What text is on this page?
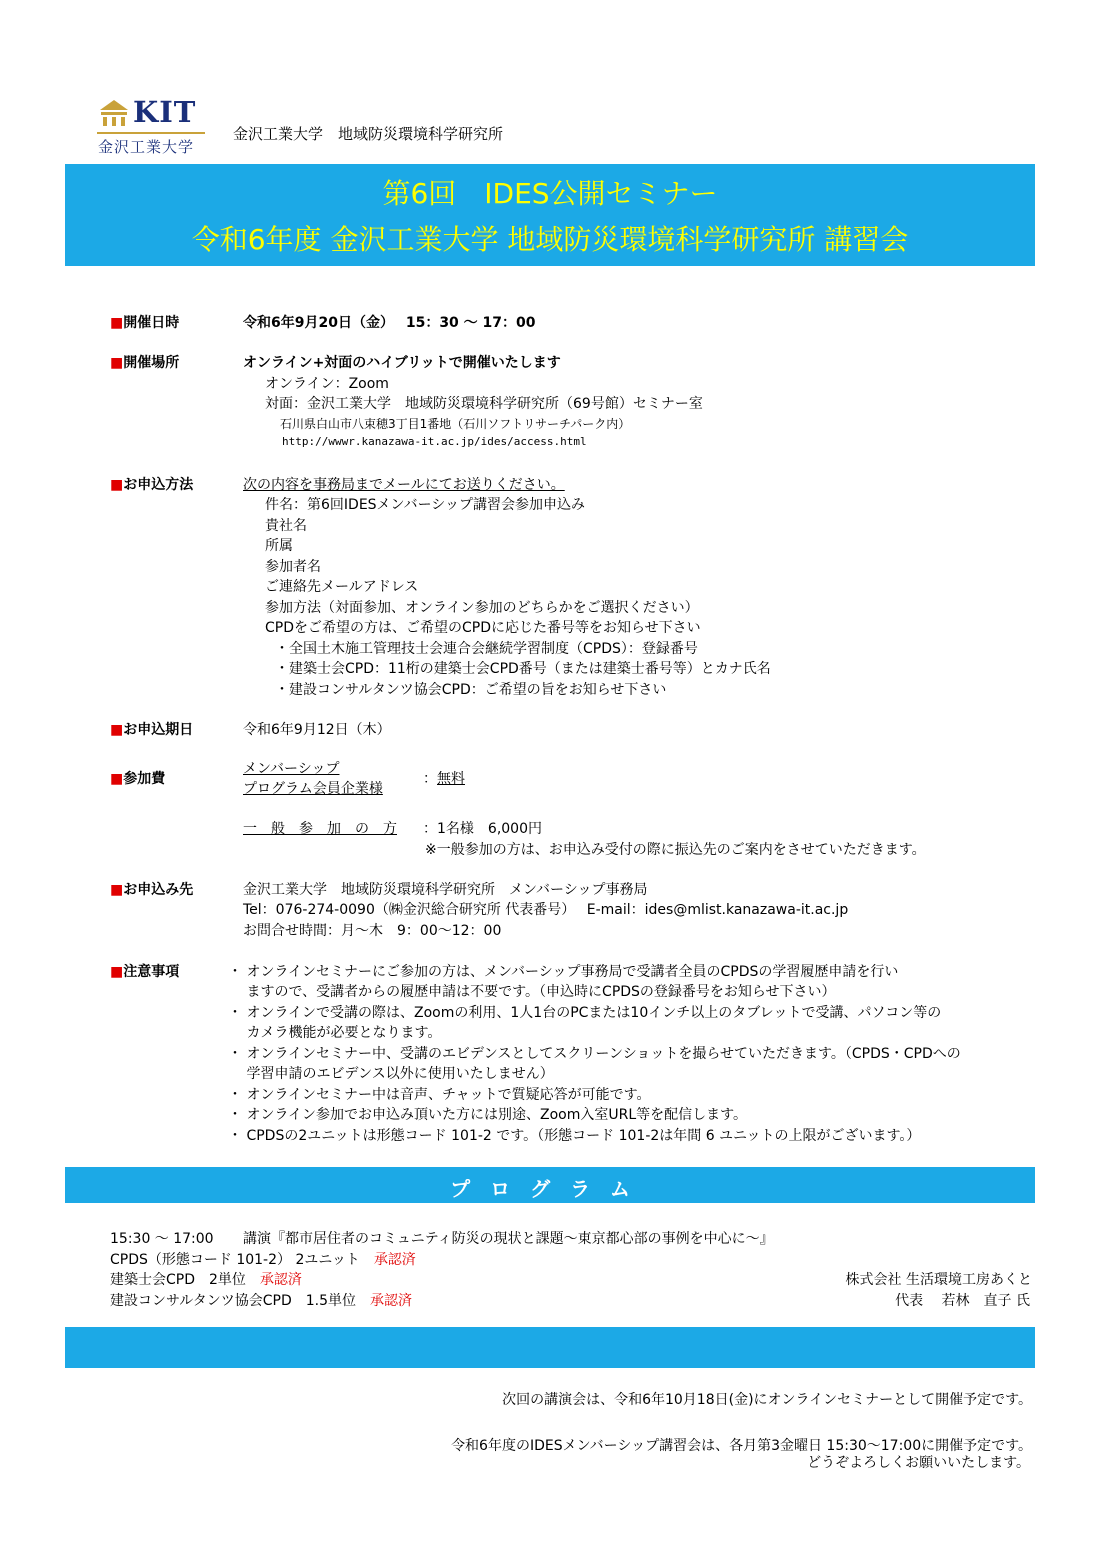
KIT
金沢工業大学
金沢工業大学　地域防災環境科学研究所
第6回　IDES公開セミナー
令和6年度 金沢工業大学 地域防災環境科学研究所 講習会
■開催日時	令和6年9月20日（金）　 15：30 ～ 17：00
■開催場所	オンライン+対面のハイブリットで開催いたします
オンライン：Zoom
対面：金沢工業大学　地域防災環境科学研究所（69号館）セミナー室
石川県白山市八束穂3丁目1番地（石川ソフトリサーチパーク内）
http://wwwr.kanazawa-it.ac.jp/ides/access.html
■お申込方法	次の内容を事務局までメールにてお送りください。
件名：第6回IDESメンバーシップ講習会参加申込み
貴社名
所属
参加者名
ご連絡先メールアドレス
参加方法（対面参加、オンライン参加のどちらかをご選択ください）
CPDをご希望の方は、ご希望のCPDに応じた番号等をお知らせ下さい
・全国土木施工管理技士会連合会継続学習制度（CPDS）：登録番号
・建築士会CPD：11桁の建築士会CPD番号（または建築士番号等）とカナ氏名
・建設コンサルタンツ協会CPD：ご希望の旨をお知らせ下さい
■お申込期日	令和6年9月12日（木）
■参加費
メンバーシップ
プログラム会員企業様
：無料
一　般　参　加　の　方 ：1名様　6,000円
※一般参加の方は、お申込み受付の際に振込先のご案内をさせていただきます。
■お申込み先	金沢工業大学　地域防災環境科学研究所　メンバーシップ事務局
Tel：076-274-0090（㈱金沢総合研究所 代表番号）　 E-mail：ides@mlist.kanazawa-it.ac.jp
お問合せ時間：月～木　9：00～12：00
■注意事項	・ オンラインセミナーにご参加の方は、メンバーシップ事務局で受講者全員のCPDSの学習履歴申請を行い
　 ますので、受講者からの履歴申請は不要です。（申込時にCPDSの登録番号をお知らせ下さい）
・ オンラインで受講の際は、Zoomの利用、1人1台のPCまたは10インチ以上のタブレットで受講、パソコン等の
　 カメラ機能が必要となります。
・ オンラインセミナー中、受講のエビデンスとしてスクリーンショットを撮らせていただきます。（CPDS・CPDへの
　 学習申請のエビデンス以外に使用いたしません）
・ オンラインセミナー中は音声、チャットで質疑応答が可能です。
・ オンライン参加でお申込み頂いた方には別途、Zoom入室URL等を配信します。
・ CPDSの2ユニットは形態コード 101-2 です。（形態コード 101-2は年間 6 ユニットの上限がございます。）
プログラム
15:30 ～ 17:00 講演『都市居住者のコミュニティ防災の現状と課題～東京都心部の事例を中心に～』
CPDS（形態コード 101-2） 2ユニット　 承認済
建築士会CPD　2単位　 承認済
建設コンサルタンツ協会CPD　1.5単位　 承認済
株式会社 生活環境工房あくと
代表　 若林　直子 氏
次回の講演会は、令和6年10月18日(金)にオンラインセミナーとして開催予定です。
令和6年度のIDESメンバーシップ講習会は、各月第3金曜日 15:30～17:00に開催予定です。
どうぞよろしくお願いいたします。
